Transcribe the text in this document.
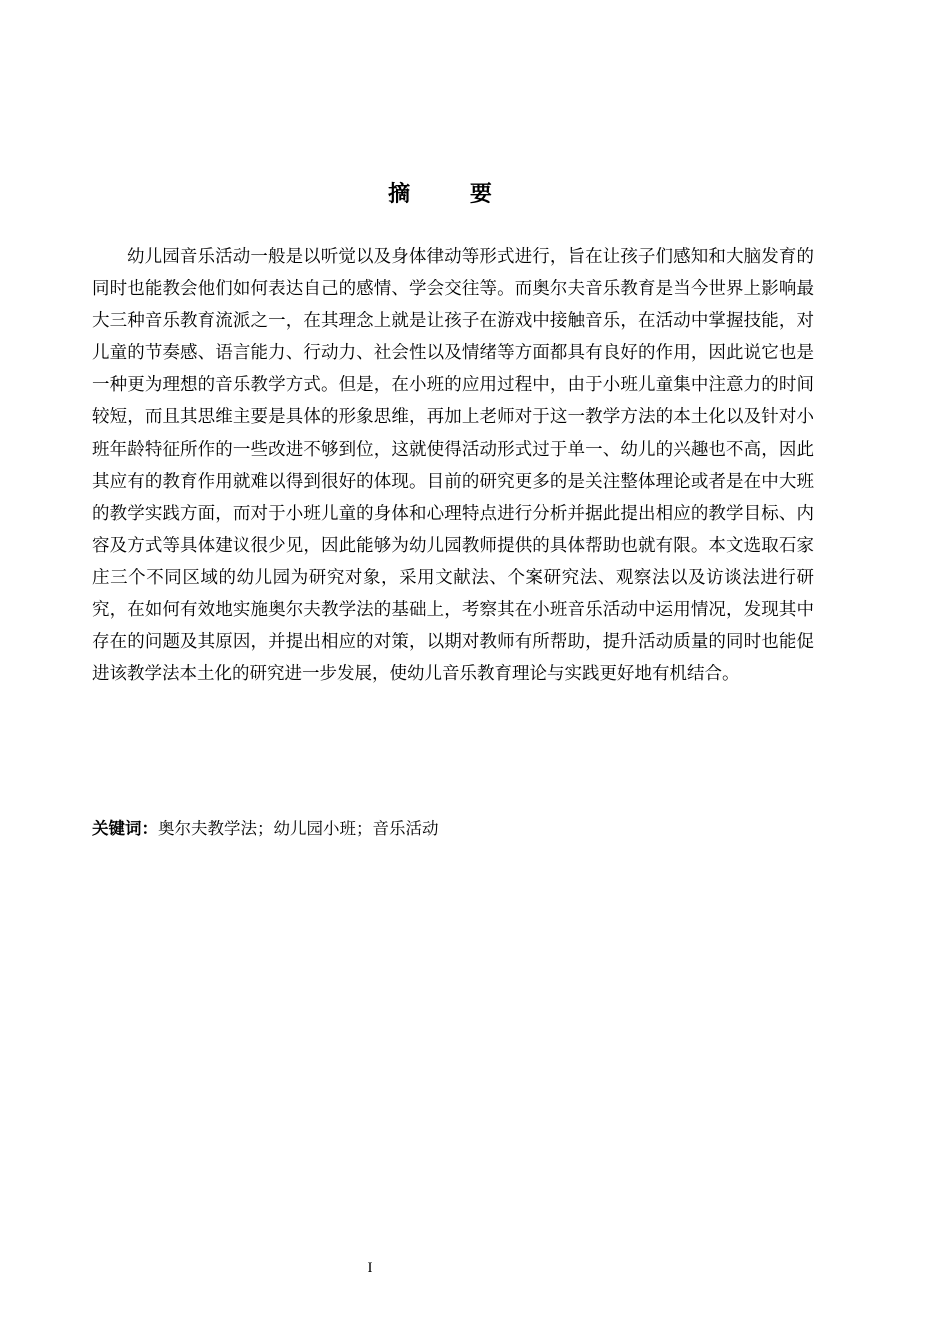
摘 要

幼儿园音乐活动一般是以听觉以及身体律动等形式进行，旨在让孩子们感知和大脑发育的同时也能教会他们如何表达自己的感情、学会交往等。而奥尔夫音乐教育是当今世界上影响最大三种音乐教育流派之一，在其理念上就是让孩子在游戏中接触音乐，在活动中掌握技能，对儿童的节奏感、语言能力、行动力、社会性以及情绪等方面都具有良好的作用，因此说它也是一种更为理想的音乐教学方式。但是，在小班的应用过程中，由于小班儿童集中注意力的时间较短，而且其思维主要是具体的形象思维，再加上老师对于这一教学方法的本土化以及针对小班年龄特征所作的一些改进不够到位，这就使得活动形式过于单一、幼儿的兴趣也不高，因此其应有的教育作用就难以得到很好的体现。目前的研究更多的是关注整体理论或者是在中大班的教学实践方面，而对于小班儿童的身体和心理特点进行分析并据此提出相应的教学目标、内容及方式等具体建议很少见，因此能够为幼儿园教师提供的具体帮助也就有限。本文选取石家庄三个不同区域的幼儿园为研究对象，采用文献法、个案研究法、观察法以及访谈法进行研究，在如何有效地实施奥尔夫教学法的基础上，考察其在小班音乐活动中运用情况，发现其中存在的问题及其原因，并提出相应的对策，以期对教师有所帮助，提升活动质量的同时也能促进该教学法本土化的研究进一步发展，使幼儿音乐教育理论与实践更好地有机结合。

关键词：奥尔夫教学法；幼儿园小班；音乐活动
I
